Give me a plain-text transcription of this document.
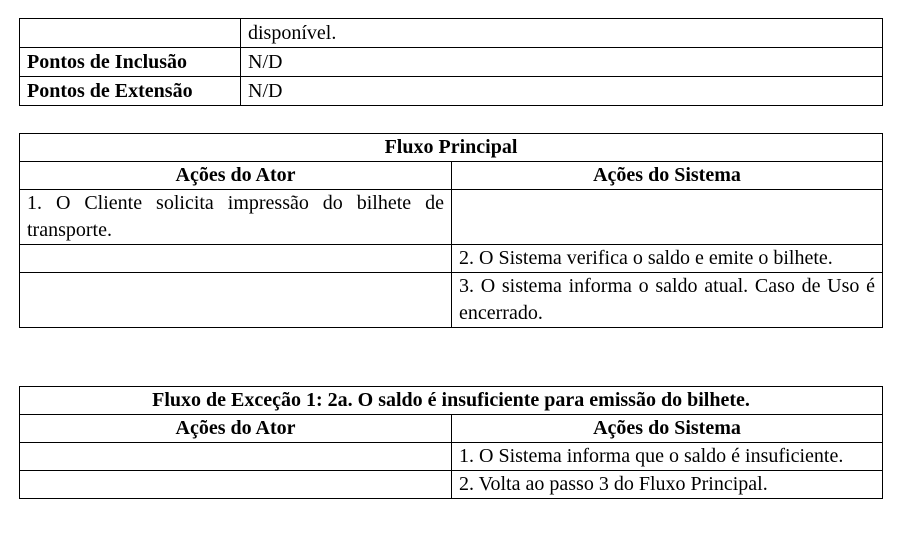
	disponível.
Pontos de Inclusão	N/D
Pontos de Extensão	N/D
Fluxo Principal	
Ações do Ator	Ações do Sistema
1. O Cliente solicita impressão do bilhete de transporte.	
	2. O Sistema verifica o saldo e emite o bilhete.
	3. O sistema informa o saldo atual. Caso de Uso é encerrado.
Fluxo de Exceção 1: 2a. O saldo é insuficiente para emissão do bilhete.	
Ações do Ator	Ações do Sistema
	1. O Sistema informa que o saldo é insuficiente.
	2. Volta ao passo 3 do Fluxo Principal.
